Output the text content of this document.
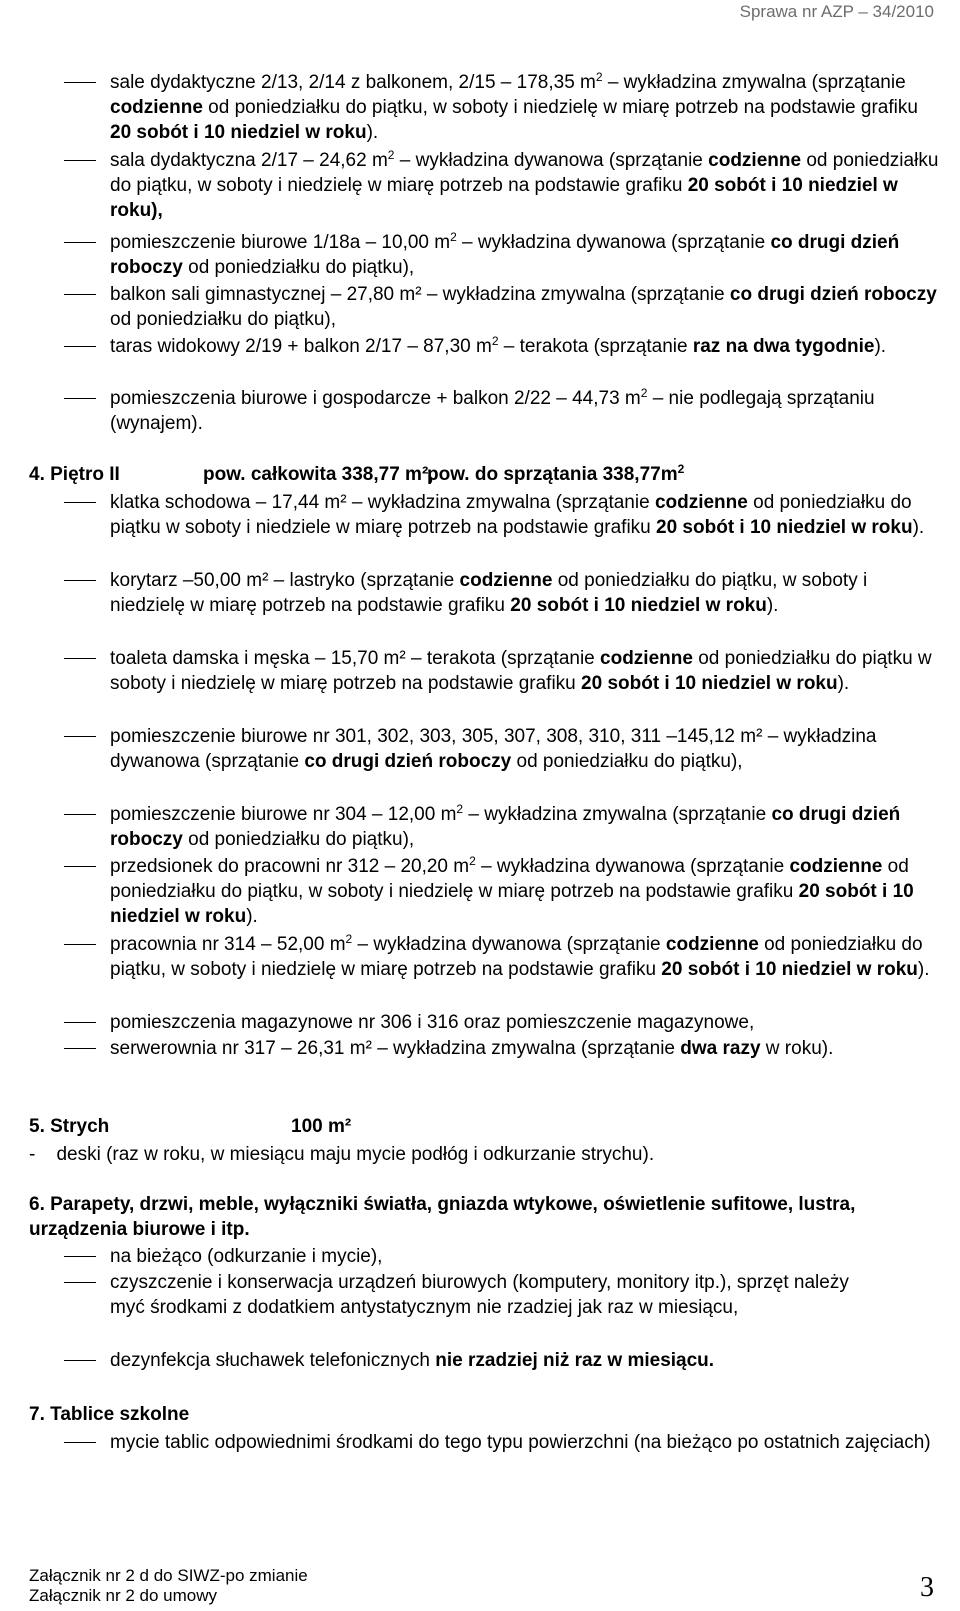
Sprawa nr AZP – 34/2010
sale dydaktyczne 2/13, 2/14 z balkonem, 2/15 – 178,35 $m^2$ – wykładzina zmywalna (sprzątanie codzienne od poniedziałku do piątku, w soboty i niedzielę w miarę potrzeb na podstawie grafiku 20 sobót i 10 niedziel w roku).
sala dydaktyczna 2/17 – 24,62 $m^2$ – wykładzina dywanowa (sprzątanie codzienne od poniedziałku do piątku, w soboty i niedzielę w miarę potrzeb na podstawie grafiku 20 sobót i 10 niedziel w roku),
pomieszczenie biurowe 1/18a – 10,00 $m^2$ – wykładzina dywanowa (sprzątanie co drugi dzień roboczy od poniedziałku do piątku),
balkon sali gimnastycznej – 27,80 m² – wykładzina zmywalna (sprzątanie co drugi dzień roboczy od poniedziałku do piątku),
taras widokowy 2/19 + balkon 2/17 – 87,30 $m^2$ – terakota (sprzątanie raz na dwa tygodnie).
pomieszczenia biurowe i gospodarcze + balkon 2/22 – 44,73 $m^2$ – nie podlegają sprzątaniu (wynajem).
4. Piętro II	pow. całkowita 338,77 m²,
pow. do sprzątania $338,77m^2$
klatka schodowa – 17,44 m² – wykładzina zmywalna (sprzątanie codzienne od poniedziałku do piątku w soboty i niedziele w miarę potrzeb na podstawie grafiku 20 sobót i 10 niedziel w roku).
korytarz –50,00 m² – lastryko (sprzątanie codzienne od poniedziałku do piątku, w soboty i niedzielę w miarę potrzeb na podstawie grafiku 20 sobót i 10 niedziel w roku).
toaleta damska i męska – 15,70 m² – terakota (sprzątanie codzienne od poniedziałku do piątku w soboty i niedzielę w miarę potrzeb na podstawie grafiku 20 sobót i 10 niedziel w roku).
pomieszczenie biurowe nr 301, 302, 303, 305, 307, 308, 310, 311 –145,12 m² – wykładzina dywanowa (sprzątanie co drugi dzień roboczy od poniedziałku do piątku),
pomieszczenie biurowe nr 304 – 12,00 $m^2$ – wykładzina zmywalna (sprzątanie co drugi dzień roboczy od poniedziałku do piątku),
przedsionek do pracowni nr 312 – 20,20 $m^2$ – wykładzina dywanowa (sprzątanie codzienne od poniedziałku do piątku, w soboty i niedzielę w miarę potrzeb na podstawie grafiku 20 sobót i 10 niedziel w roku).
pracownia nr 314 – 52,00 $m^2$ – wykładzina dywanowa (sprzątanie codzienne od poniedziałku do piątku, w soboty i niedzielę w miarę potrzeb na podstawie grafiku 20 sobót i 10 niedziel w roku).
pomieszczenia magazynowe nr 306 i 316 oraz pomieszczenie magazynowe,
serwerownia nr 317 – 26,31 m² – wykładzina zmywalna (sprzątanie dwa razy w roku).
5. Strych	100 m²
-    deski (raz w roku, w miesiącu maju mycie podłóg i odkurzanie strychu).
6. Parapety, drzwi, meble, wyłączniki światła, gniazda wtykowe, oświetlenie sufitowe, lustra, urządzenia biurowe i itp.
na bieżąco (odkurzanie i mycie),
czyszczenie i konserwacja urządzeń biurowych (komputery, monitory itp.), sprzęt należy myć środkami z dodatkiem antystatycznym nie rzadziej jak raz w miesiącu,
dezynfekcja słuchawek telefonicznych nie rzadziej niż raz w miesiącu.
7. Tablice szkolne
mycie tablic odpowiednimi środkami do tego typu powierzchni (na bieżąco po ostatnich zajęciach)
Załącznik nr 2 d do SIWZ-po zmianie
Załącznik nr 2 do umowy	3
